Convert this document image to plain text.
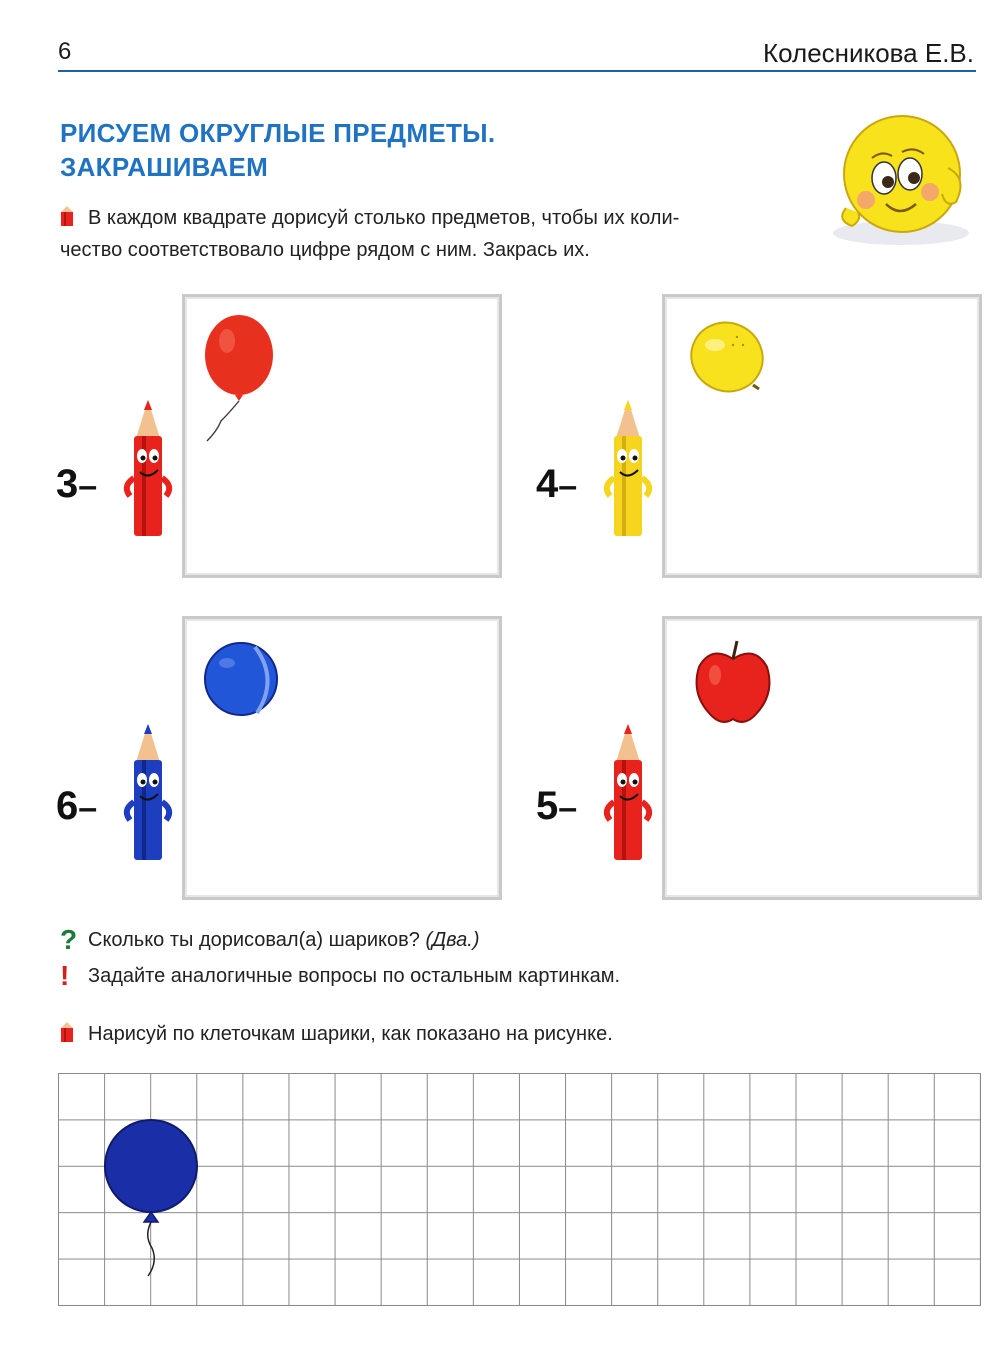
6	Колесникова Е.В.
РИСУЕМ ОКРУГЛЫЕ ПРЕДМЕТЫ.
ЗАКРАШИВАЕМ
В каждом квадрате дорисуй столько предметов, чтобы их коли-
чество соответствовало цифре рядом с ним. Закрась их.
3–	4–
6–	5–
? Сколько ты дорисовал(а) шариков? (Два.)
! Задайте аналогичные вопросы по остальным картинкам.
Нарисуй по клеточкам шарики, как показано на рисунке.
